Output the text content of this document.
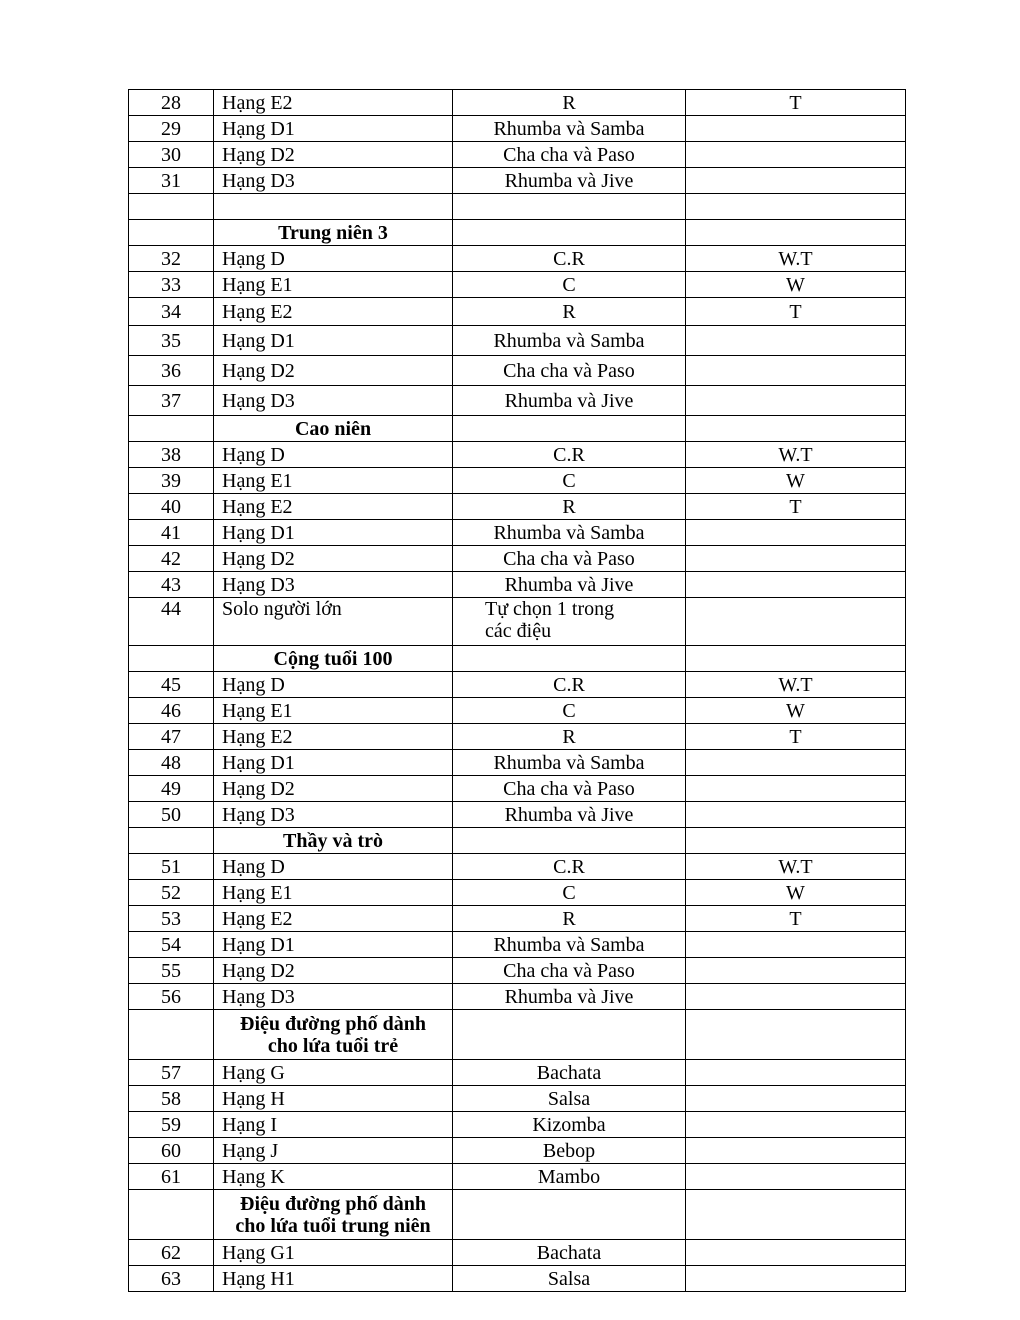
28	Hạng E2	R	T
29	Hạng D1	Rhumba và Samba	
30	Hạng D2	Cha cha và Paso	
31	Hạng D3	Rhumba và Jive	

	Trung niên 3		
32	Hạng D	C.R	W.T
33	Hạng E1	C	W
34	Hạng E2	R	T
35	Hạng D1	Rhumba và Samba	
36	Hạng D2	Cha cha và Paso	
37	Hạng D3	Rhumba và Jive	
	Cao niên		
38	Hạng D	C.R	W.T
39	Hạng E1	C	W
40	Hạng E2	R	T
41	Hạng D1	Rhumba và Samba	
42	Hạng D2	Cha cha và Paso	
43	Hạng D3	Rhumba và Jive	
44	Solo người lớn	Tự chọn 1 trong
các điệu	
	Cộng tuổi 100		
45	Hạng D	C.R	W.T
46	Hạng E1	C	W
47	Hạng E2	R	T
48	Hạng D1	Rhumba và Samba	
49	Hạng D2	Cha cha và Paso	
50	Hạng D3	Rhumba và Jive	
	Thầy và trò		
51	Hạng D	C.R	W.T
52	Hạng E1	C	W
53	Hạng E2	R	T
54	Hạng D1	Rhumba và Samba	
55	Hạng D2	Cha cha và Paso	
56	Hạng D3	Rhumba và Jive	
	Điệu đường phố dành
cho lứa tuổi trẻ		
57	Hạng G	Bachata	
58	Hạng H	Salsa	
59	Hạng I	Kizomba	
60	Hạng J	Bebop	
61	Hạng K	Mambo	
	Điệu đường phố dành
cho lứa tuổi trung niên		
62	Hạng G1	Bachata	
63	Hạng H1	Salsa	
